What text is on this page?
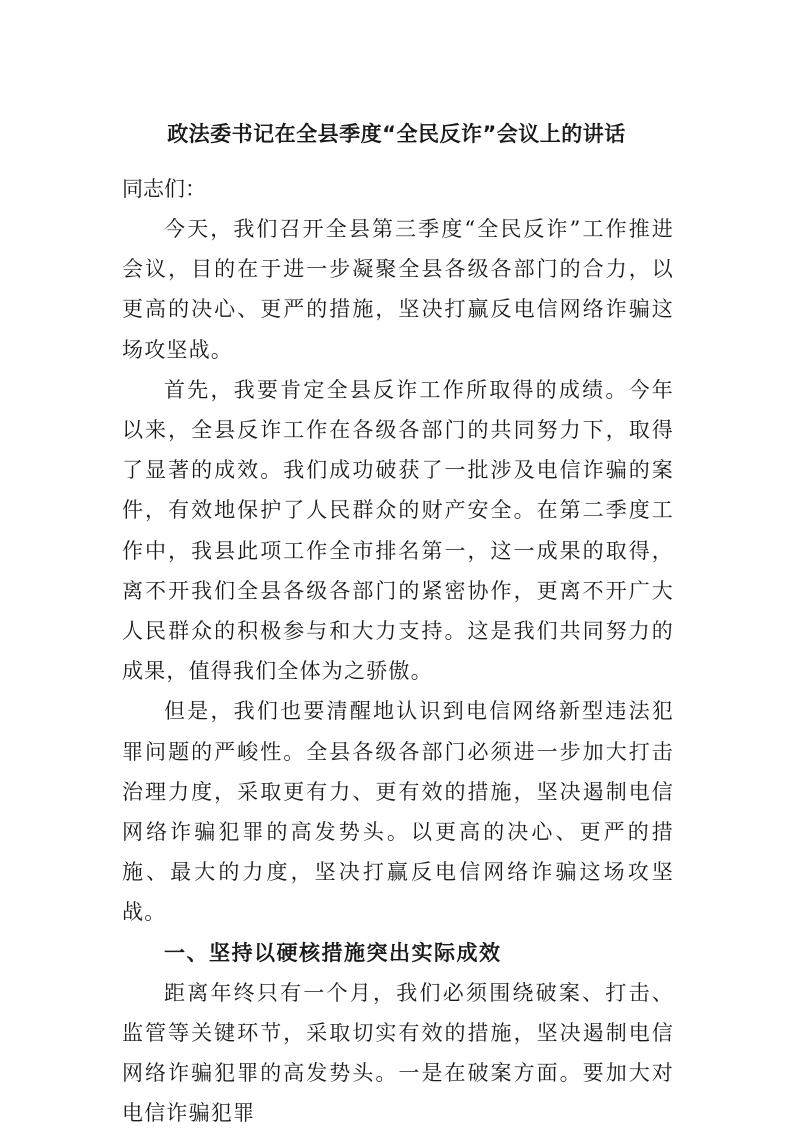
政法委书记在全县季度“全民反诈”会议上的讲话
同志们：

今天，我们召开全县第三季度“全民反诈”工作推进会议，目的在于进一步凝聚全县各级各部门的合力，以更高的决心、更严的措施，坚决打赢反电信网络诈骗这场攻坚战。

首先，我要肯定全县反诈工作所取得的成绩。今年以来，全县反诈工作在各级各部门的共同努力下，取得了显著的成效。我们成功破获了一批涉及电信诈骗的案件，有效地保护了人民群众的财产安全。在第二季度工作中，我县此项工作全市排名第一，这一成果的取得，离不开我们全县各级各部门的紧密协作，更离不开广大人民群众的积极参与和大力支持。这是我们共同努力的成果，值得我们全体为之骄傲。

但是，我们也要清醒地认识到电信网络新型违法犯罪问题的严峻性。全县各级各部门必须进一步加大打击治理力度，采取更有力、更有效的措施，坚决遏制电信网络诈骗犯罪的高发势头。以更高的决心、更严的措施、最大的力度，坚决打赢反电信网络诈骗这场攻坚战。

一、坚持以硬核措施突出实际成效

距离年终只有一个月，我们必须围绕破案、打击、监管等关键环节，采取切实有效的措施，坚决遏制电信网络诈骗犯罪的高发势头。一是在破案方面。要加大对电信诈骗犯罪
